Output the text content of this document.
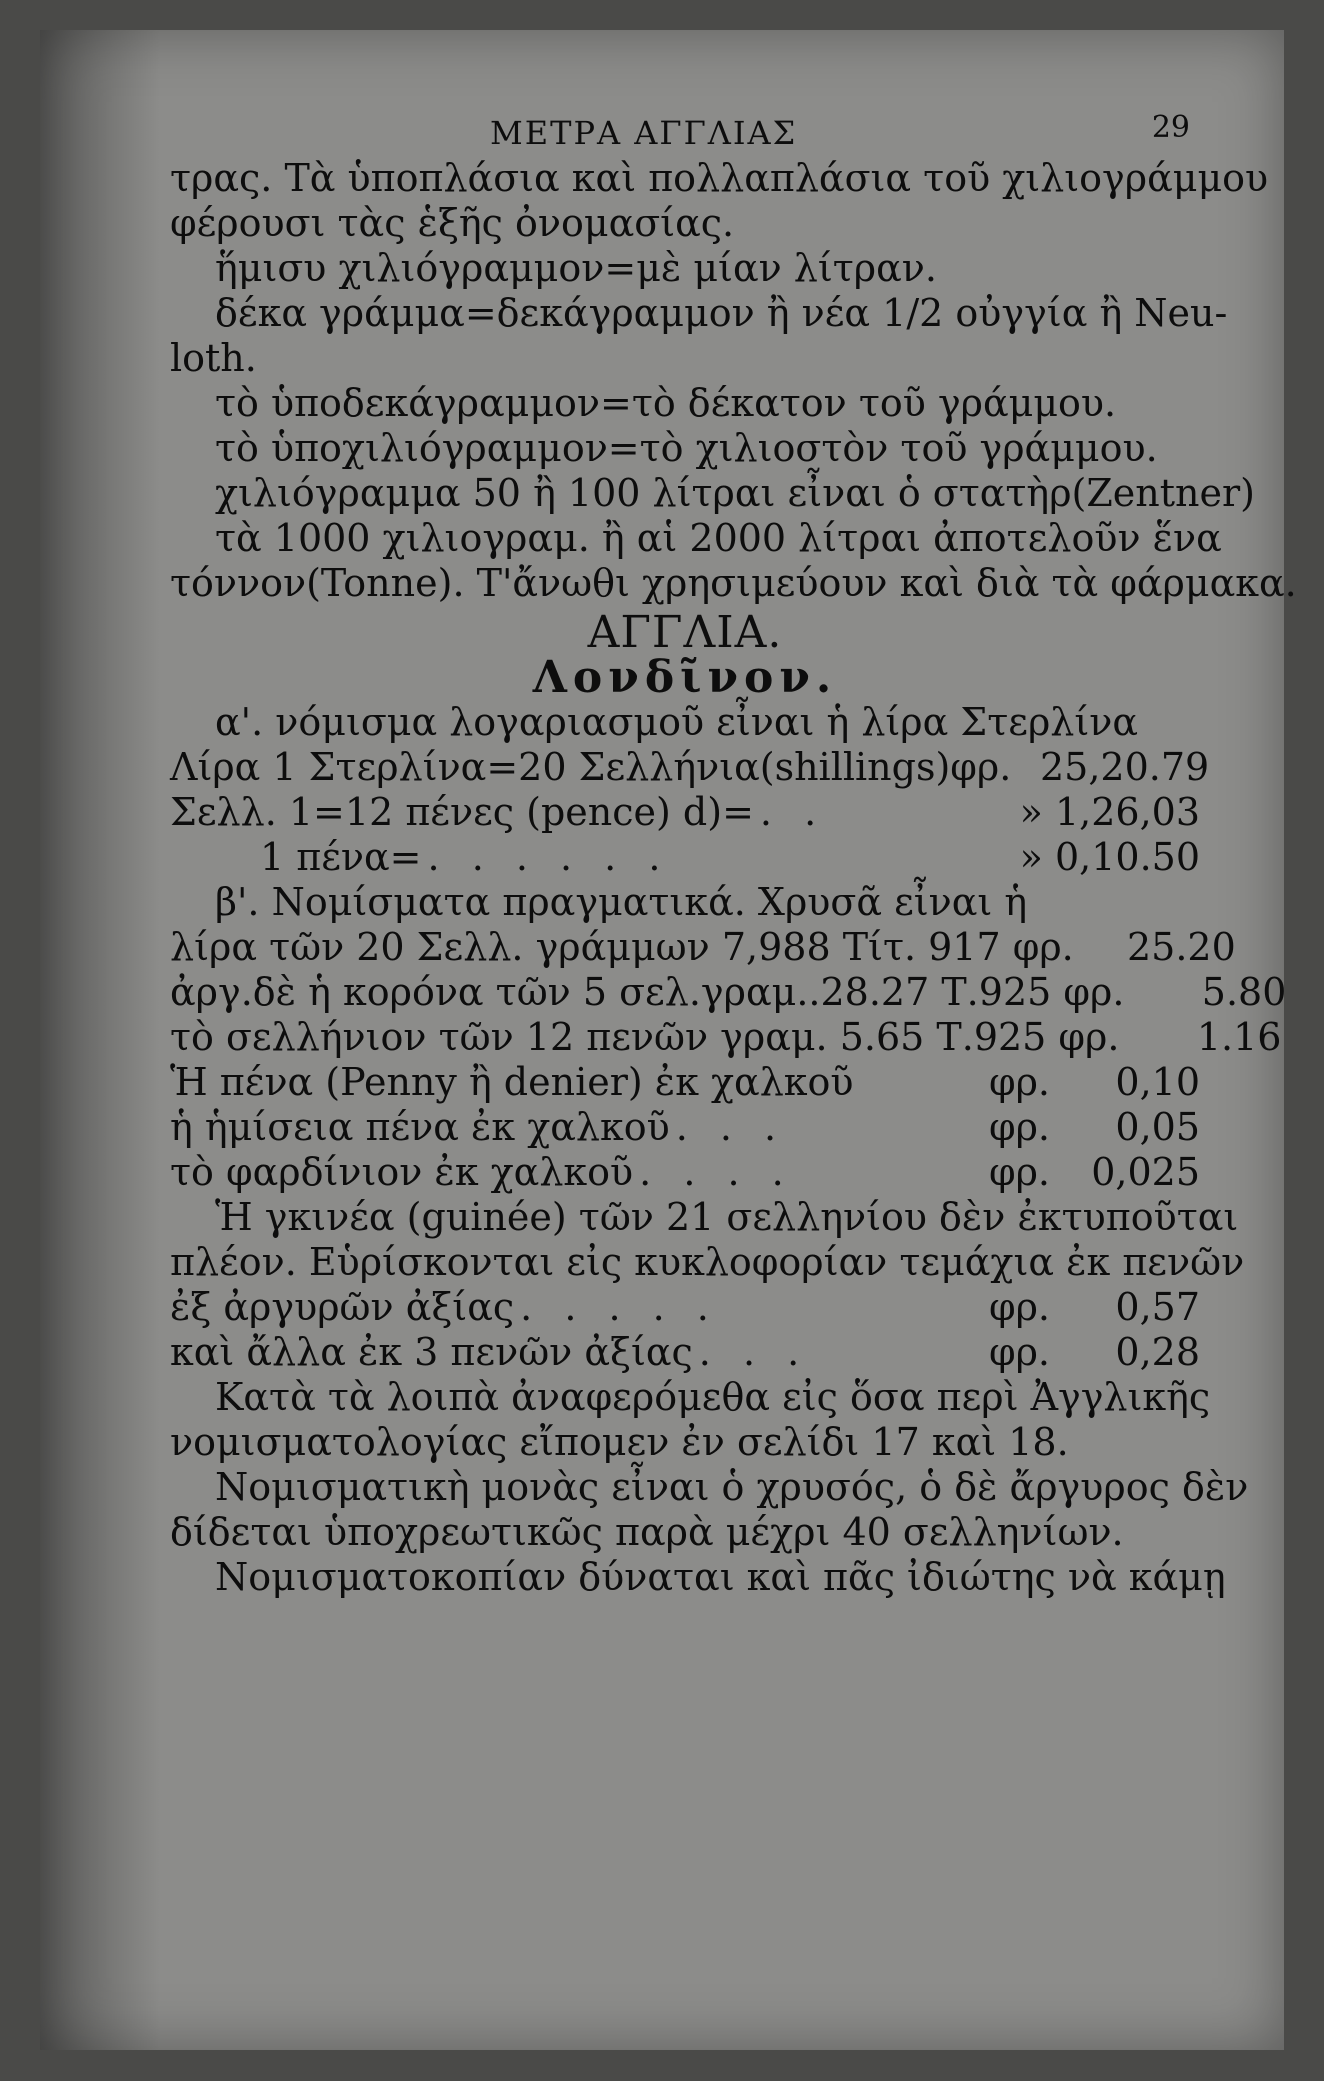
ΜΕΤΡΑ ΑΓΓΛΙΑΣ	29
τρας. Τὰ ὑποπλάσια καὶ πολλαπλάσια τοῦ χιλιογράμμου
φέρουσι τὰς ἑξῆς ὀνομασίας.
ἥμισυ χιλιόγραμμον=μὲ μίαν λίτραν.
δέκα γράμμα=δεκάγραμμον ἢ νέα 1/2 οὐγγία ἢ Neu-
loth.
τὸ ὑποδεκάγραμμον=τὸ δέκατον τοῦ γράμμου.
τὸ ὑποχιλιόγραμμον=τὸ χιλιοστὸν τοῦ γράμμου.
χιλιόγραμμα 50 ἢ 100 λίτραι εἶναι ὁ στατὴρ(Zentner)
τὰ 1000 χιλιογραμ. ἢ αἱ 2000 λίτραι ἀποτελοῦν ἕνα
τόννον(Tonne). Τ'ἄνωθι χρησιμεύουν καὶ διὰ τὰ φάρμακα.
ΑΓΓΛΙΑ.
Λονδῖνον.
α'. νόμισμα λογαριασμοῦ εἶναι ἡ λίρα Στερλίνα
Λίρα 1 Στερλίνα=20 Σελλήνια(shillings)φρ. 25,20.79
Σελλ. 1=12 πένες (pence) d)= . .	» 1,26,03
1 πένα= . . . . . .	» 0,10.50
β'. Νομίσματα πραγματικά. Χρυσᾶ εἶναι ἡ
λίρα τῶν 20 Σελλ. γράμμων 7,988 Τίτ. 917 φρ.	25.20
ἀργ.δὲ ἡ κορόνα τῶν 5 σελ.γραμ..28.27 Τ.925 φρ.	5.80
τὸ σελλήνιον τῶν 12 πενῶν γραμ. 5.65 Τ.925 φρ.	1.16
Ἡ πένα (Penny ἢ denier) ἐκ χαλκοῦ	φρ.	0,10
ἡ ἡμίσεια πένα ἐκ χαλκοῦ . . .	φρ.	0,05
τὸ φαρδίνιον ἐκ χαλκοῦ . . . .	φρ.	0,025
Ἡ γκινέα (guinée) τῶν 21 σελληνίου δὲν ἐκτυποῦται
πλέον. Εὑρίσκονται εἰς κυκλοφορίαν τεμάχια ἐκ πενῶν
ἐξ ἀργυρῶν ἀξίας . . . . .	φρ.	0,57
καὶ ἄλλα ἐκ 3 πενῶν ἀξίας . . .	φρ.	0,28
Κατὰ τὰ λοιπὰ ἀναφερόμεθα εἰς ὅσα περὶ Ἀγγλικῆς
νομισματολογίας εἴπομεν ἐν σελίδι 17 καὶ 18.
Νομισματικὴ μονὰς εἶναι ὁ χρυσός, ὁ δὲ ἄργυρος δὲν
δίδεται ὑποχρεωτικῶς παρὰ μέχρι 40 σελληνίων.
Νομισματοκοπίαν δύναται καὶ πᾶς ἰδιώτης νὰ κάμῃ
